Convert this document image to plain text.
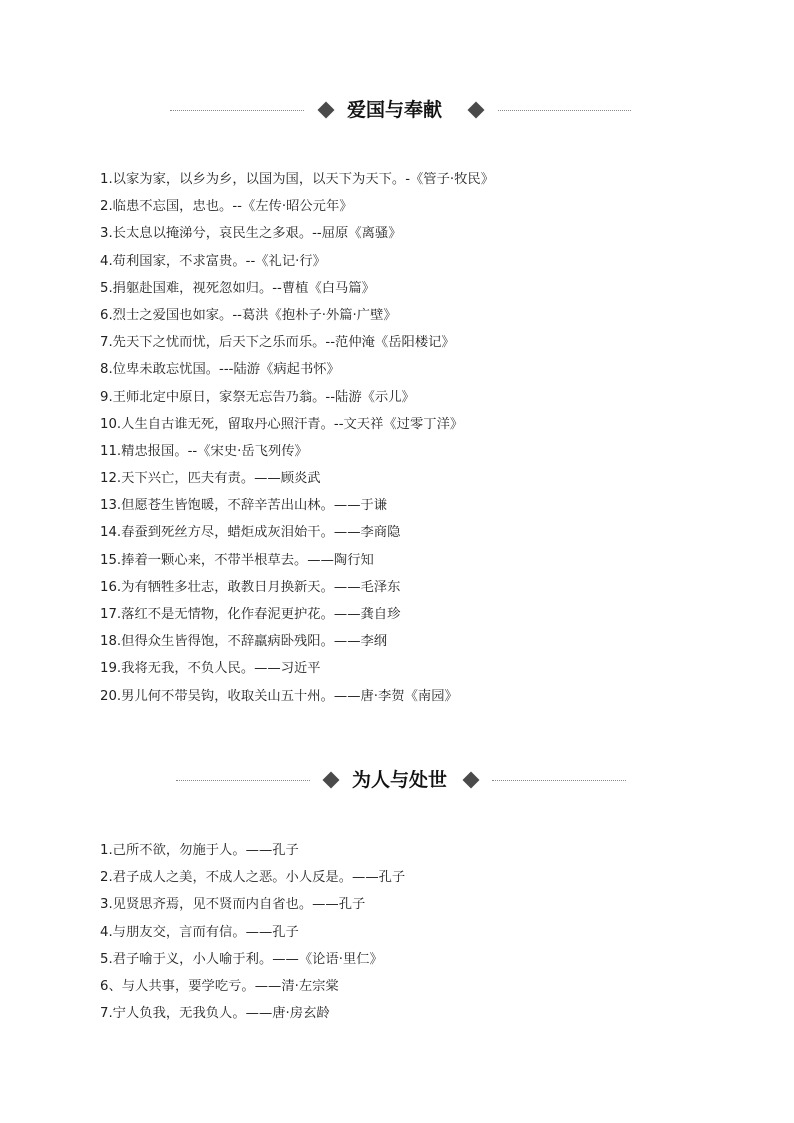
爱国与奉献
1.以家为家，以乡为乡，以国为国，以天下为天下。-《管子·牧民》
2.临患不忘国，忠也。--《左传·昭公元年》
3.长太息以掩涕兮，哀民生之多艰。--屈原《离骚》
4.苟利国家，不求富贵。--《礼记·行》
5.捐躯赴国难，视死忽如归。--曹植《白马篇》
6.烈士之爱国也如家。--葛洪《抱朴子·外篇·广壁》
7.先天下之忧而忧，后天下之乐而乐。--范仲淹《岳阳楼记》
8.位卑未敢忘忧国。---陆游《病起书怀》
9.王师北定中原日，家祭无忘告乃翁。--陆游《示儿》
10.人生自古谁无死，留取丹心照汗青。--文天祥《过零丁洋》
11.精忠报国。--《宋史·岳飞列传》
12.天下兴亡，匹夫有责。——顾炎武
13.但愿苍生皆饱暖，不辞辛苦出山林。——于谦
14.春蚕到死丝方尽，蜡炬成灰泪始干。——李商隐
15.捧着一颗心来，不带半根草去。——陶行知
16.为有牺牲多壮志，敢教日月换新天。——毛泽东
17.落红不是无情物，化作春泥更护花。——龚自珍
18.但得众生皆得饱，不辞羸病卧残阳。——李纲
19.我将无我，不负人民。——习近平
20.男儿何不带吴钩，收取关山五十州。——唐·李贺《南园》
为人与处世
1.己所不欲，勿施于人。——孔子
2.君子成人之美，不成人之恶。小人反是。——孔子
3.见贤思齐焉，见不贤而内自省也。——孔子
4.与朋友交，言而有信。——孔子
5.君子喻于义，小人喻于利。——《论语·里仁》
6、与人共事，要学吃亏。——清·左宗棠
7.宁人负我，无我负人。——唐·房玄龄
